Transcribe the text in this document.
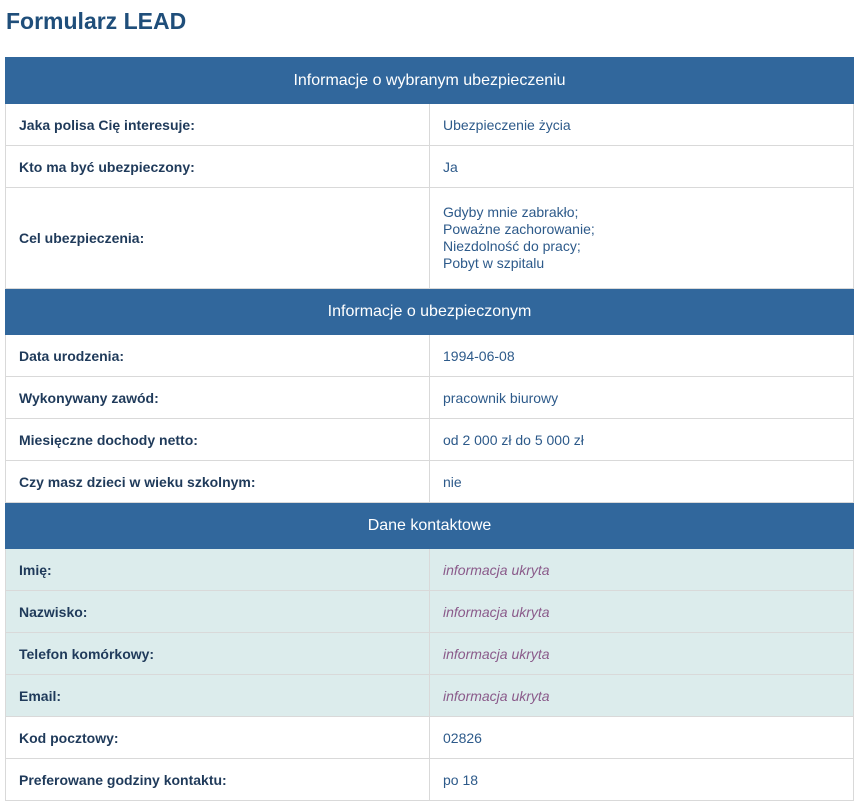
Formularz LEAD
Informacje o wybranym ubezpieczeniu	
Jaka polisa Cię interesuje:	Ubezpieczenie życia
Kto ma być ubezpieczony:	Ja
Cel ubezpieczenia:	Gdyby mnie zabrakło;
Poważne zachorowanie;
Niezdolność do pracy;
Pobyt w szpitalu

Informacje o ubezpieczonym	
Data urodzenia:	1994-06-08
Wykonywany zawód:	pracownik biurowy
Miesięczne dochody netto:	od 2 000 zł do 5 000 zł
Czy masz dzieci w wieku szkolnym:	nie
Dane kontaktowe	
Imię:	informacja ukryta
Nazwisko:	informacja ukryta
Telefon komórkowy:	informacja ukryta
Email:	informacja ukryta
Kod pocztowy:	02826
Preferowane godziny kontaktu:	po 18
